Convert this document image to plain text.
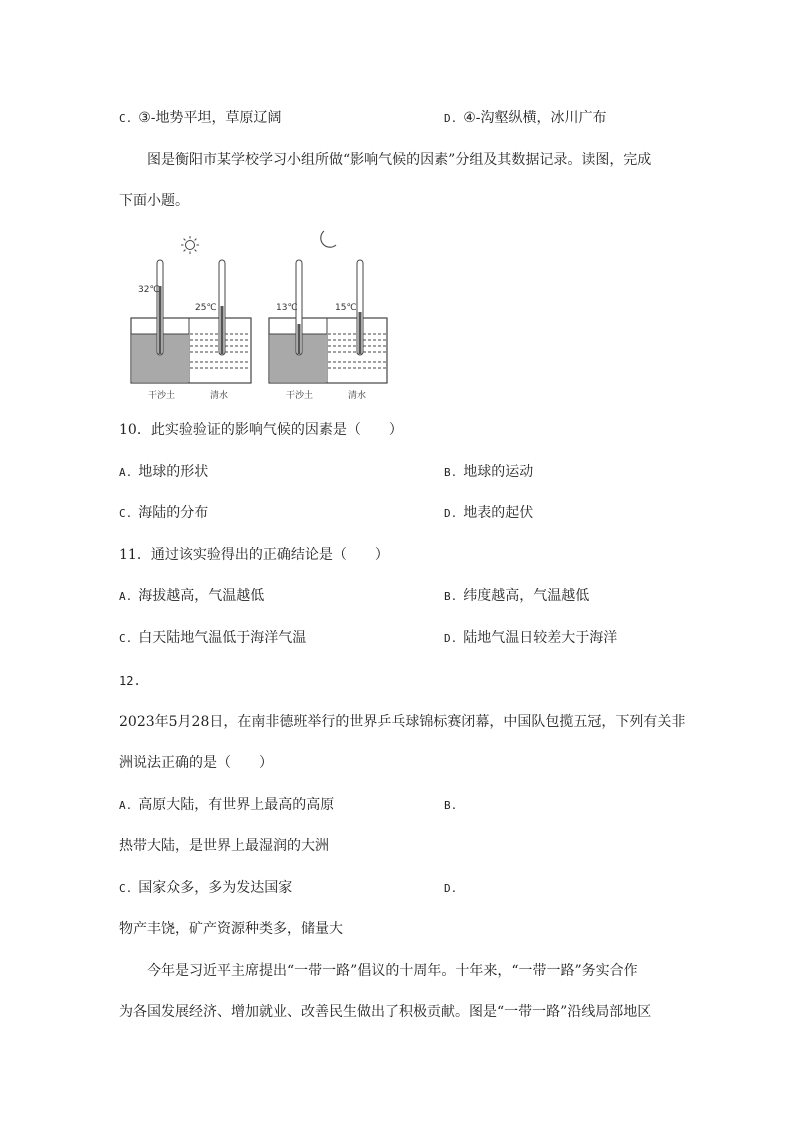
C. ③-地势平坦，草原辽阔	D. ④-沟壑纵横，冰川广布
图是衡阳市某学校学习小组所做“影响气候的因素”分组及其数据记录。读图，完成
下面小题。
32℃
25℃
干沙土	清水
13℃	15℃
干沙土	清水
10．此实验验证的影响气候的因素是（　　）
A. 地球的形状	B. 地球的运动
C. 海陆的分布	D. 地表的起伏
11．通过该实验得出的正确结论是（　　）
A. 海拔越高，气温越低	B. 纬度越高，气温越低
C. 白天陆地气温低于海洋气温	D. 陆地气温日较差大于海洋
12.
2023年5月28日，在南非德班举行的世界乒乓球锦标赛闭幕，中国队包揽五冠，下列有关非
洲说法正确的是（　　）
A. 高原大陆，有世界上最高的高原	B.
热带大陆，是世界上最湿润的大洲
C. 国家众多，多为发达国家	D.
物产丰饶，矿产资源种类多，储量大
今年是习近平主席提出“一带一路”倡议的十周年。十年来，“一带一路”务实合作
为各国发展经济、增加就业、改善民生做出了积极贡献。图是“一带一路”沿线局部地区
